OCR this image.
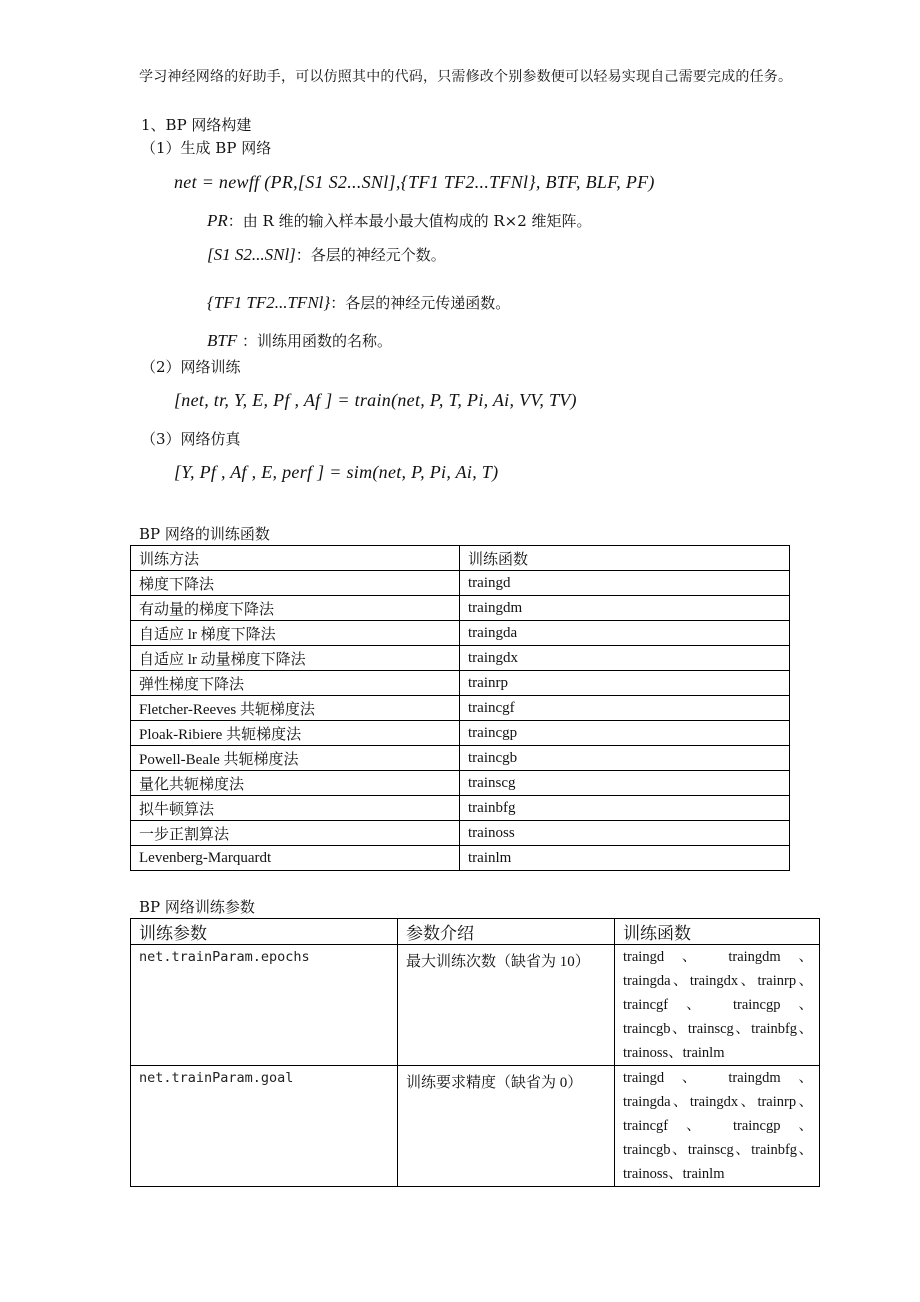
学习神经网络的好助手，可以仿照其中的代码，只需修改个别参数便可以轻易实现自己需要完成的任务。
1、BP 网络构建
（1）生成 BP 网络
net = newff (PR,[S1 S2...SNl],{TF1 TF2...TFNl}, BTF, BLF, PF)
PR：由 R 维的输入样本最小最大值构成的 R×2 维矩阵。
[S1 S2...SNl]：各层的神经元个数。
{TF1 TF2...TFNl}：各层的神经元传递函数。
BTF ：训练用函数的名称。
（2）网络训练
[net, tr, Y, E, Pf , Af ] = train(net, P, T, Pi, Ai, VV, TV)
（3）网络仿真
[Y, Pf , Af , E, perf ] = sim(net, P, Pi, Ai, T)
BP 网络的训练函数
训练方法	训练函数
梯度下降法	traingd
有动量的梯度下降法	traingdm
自适应 lr 梯度下降法	traingda
自适应 lr 动量梯度下降法	traingdx
弹性梯度下降法	trainrp
Fletcher-Reeves 共轭梯度法	traincgf
Ploak-Ribiere 共轭梯度法	traincgp
Powell-Beale 共轭梯度法	traincgb
量化共轭梯度法	trainscg
拟牛顿算法	trainbfg
一步正割算法	trainoss
Levenberg-Marquardt	trainlm
BP 网络训练参数
训练参数	参数介绍	训练函数
net.trainParam.epochs	最大训练次数（缺省为 10）	traingd 、 traingdm 、traingda、traingdx、trainrp、traincgf 、 traincgp 、traincgb、trainscg、trainbfg、trainoss、trainlm
net.trainParam.goal	训练要求精度（缺省为 0）	traingd 、 traingdm 、traingda、traingdx、trainrp、traincgf 、 traincgp 、traincgb、trainscg、trainbfg、trainoss、trainlm
